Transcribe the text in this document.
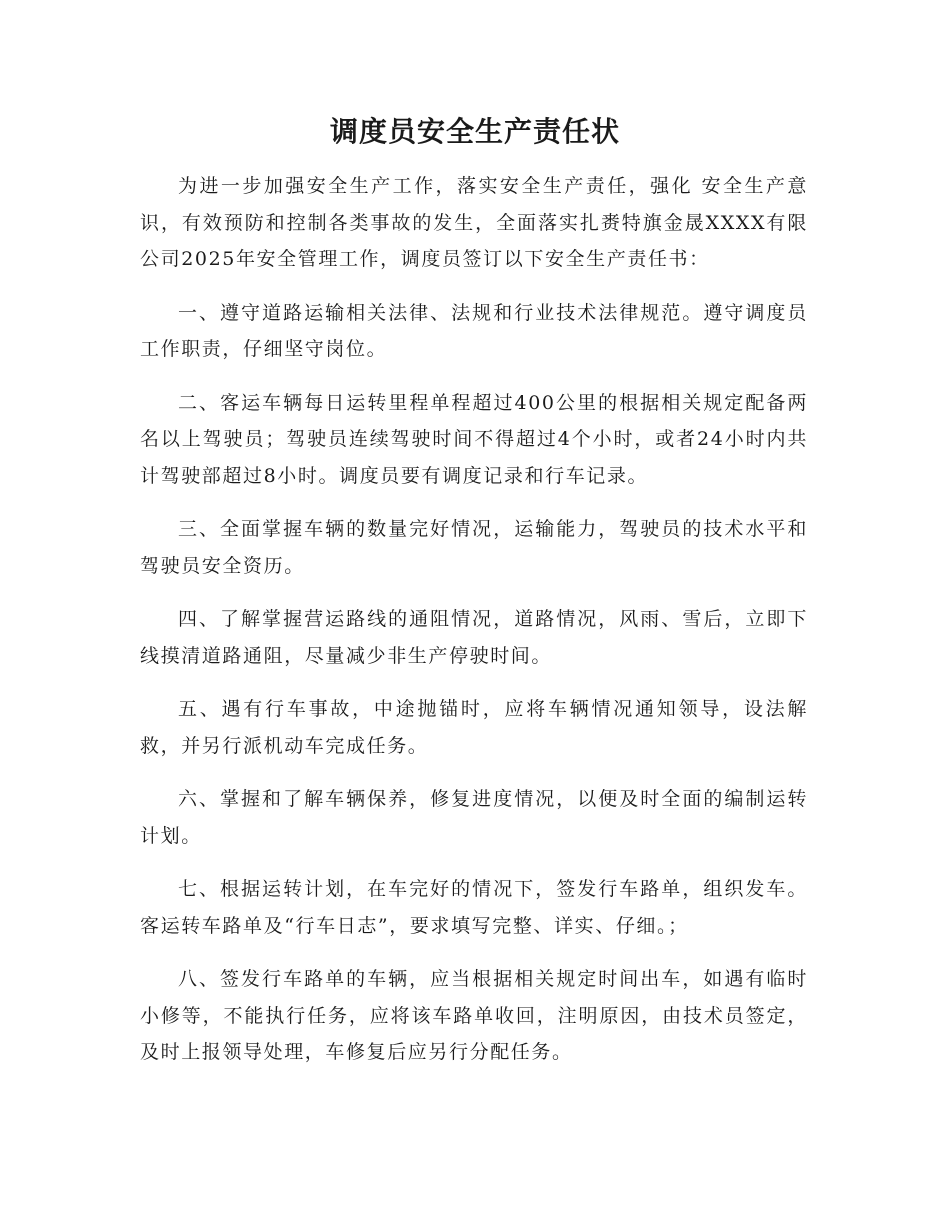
调度员安全生产责任状

为进一步加强安全生产工作，落实安全生产责任，强化 安全生产意识，有效预防和控制各类事故的发生，全面落实扎赉特旗金晟XXXX有限公司2025年安全管理工作，调度员签订以下安全生产责任书：

一、遵守道路运输相关法律、法规和行业技术法律规范。遵守调度员工作职责，仔细坚守岗位。

二、客运车辆每日运转里程单程超过400公里的根据相关规定配备两名以上驾驶员；驾驶员连续驾驶时间不得超过4个小时，或者24小时内共计驾驶部超过8小时。调度员要有调度记录和行车记录。

三、全面掌握车辆的数量完好情况，运输能力，驾驶员的技术水平和驾驶员安全资历。

四、了解掌握营运路线的通阻情况，道路情况，风雨、雪后，立即下线摸清道路通阻，尽量减少非生产停驶时间。

五、遇有行车事故，中途抛锚时，应将车辆情况通知领导，设法解救，并另行派机动车完成任务。

六、掌握和了解车辆保养，修复进度情况，以便及时全面的编制运转计划。

七、根据运转计划，在车完好的情况下，签发行车路单，组织发车。客运转车路单及“行车日志”，要求填写完整、详实、仔细。；

八、签发行车路单的车辆，应当根据相关规定时间出车，如遇有临时小修等，不能执行任务，应将该车路单收回，注明原因，由技术员签定，及时上报领导处理，车修复后应另行分配任务。
